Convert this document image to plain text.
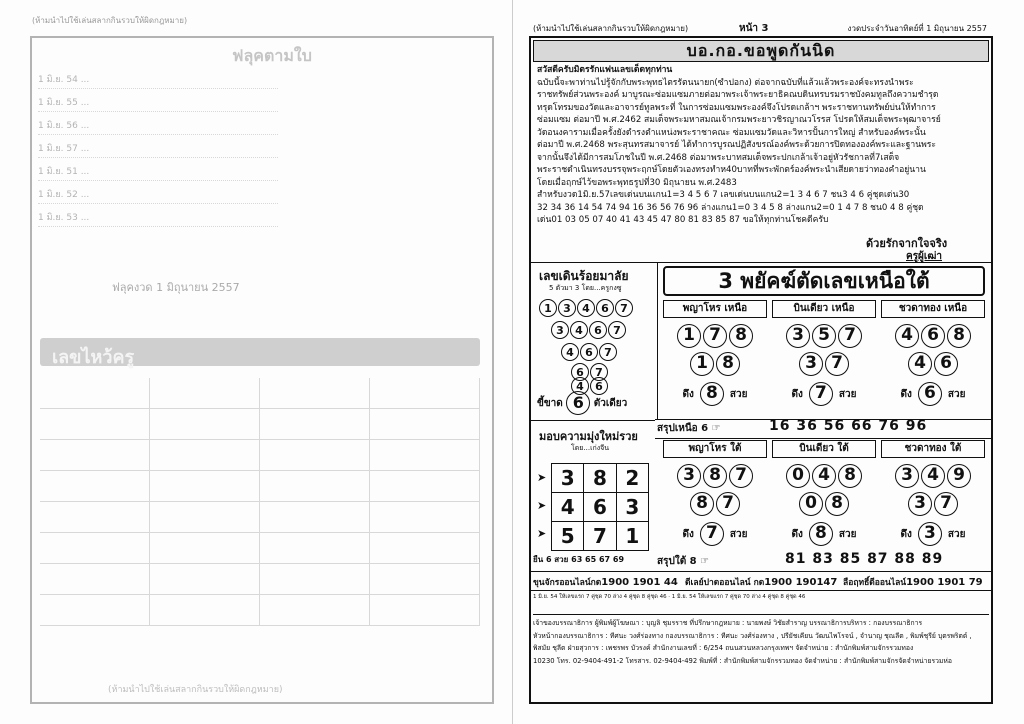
(ห้ามนำไปใช้เล่นสลากกินรวบให้ผิดกฎหมาย)
ฟลุคตามใบ
1 มิ.ย. 54 ...
1 มิ.ย. 55 ...
1 มิ.ย. 56 ...
1 มิ.ย. 57 ...
1 มิ.ย. 51 ...
1 มิ.ย. 52 ...
1 มิ.ย. 53 ...
ฟลุคงวด 1 มิถุนายน 2557
เลขไหว้ครู
(ห้ามนำไปใช้เล่นสลากกินรวบให้ผิดกฎหมาย)
(ห้ามนำไปใช้เล่นสลากกินรวบให้ผิดกฎหมาย)	หน้า 3	งวดประจำวันอาทิตย์ที่ 1 มิถุนายน 2557
บอ.กอ.ขอพูดกันนิด
สวัสดีครับมิตรรักแฟนเลขเด็ดทุกท่าน
ฉบับนี้จะพาท่านไปรู้จักกับพระพุทธไตรรัตนนายก(ซำปอกง) ต่อจากฉบับที่แล้วแล้วพระองค์จะทรงนำพระ
ราชทรัพย์ส่วนพระองค์ มาบูรณะซ่อมแซมภายต่อมาพระเจ้าพระยาธิคณบดินทรบรมราชบังคมทูลถึงความชำรุด
ทรุดโทรมของวัดและอาจารย์ทูลพระที่ ในการซ่อมแซมพระองค์จึงโปรดเกล้าฯ พระราชทานทรัพย์บ่นให้ทำการ
ซ่อมแซม ต่อมาปี พ.ศ.2462 สมเด็จพระมหาสมณเจ้ากรมพระยาวชิรญาณวโรรส โปรดให้สมเด็จพระพุฒาจารย์
วัดอนงคารามเมื่อครั้งยังดำรงตำแหน่งพระราชาคณะ ซ่อมแซมวัดและวิหารปั้นการใหญ่ สำหรับองค์พระนั้น
ต่อมาปี พ.ศ.2468 พระสุนทรสมาจารย์ ได้ทำการบูรณปฏิสังขรณ์องค์พระด้วยการปิดทององค์พระและฐานพระ
จากนั้นจึงได้มีการสมโภชในปี พ.ศ.2468 ต่อมาพระบาทสมเด็จพระปกเกล้าเจ้าอยู่หัวรัชกาลที่7เสด็จ
พระราชดำเนินทรงบรรจุพระฤกษ์โดยตัวเองทรงทำห40บาทที่พระพักตร์องค์พระนำเสียดายว่าทองคำอยู่นาน
โดยเมื่อฤกษ์ไว้ขอพระพุทธรูปที่30 มิถุนายน พ.ศ.2483
สำหรับงวด1มิ.ย.57เลขเด่นบนเเกน1=3 4 5 6 7 เลขเด่นบนแกน2=1 3 4 6 7 ชน3 4 6 คู่ชุดเด่น30
32 34 36 14 54 74 94 16 36 56 76 96 ล่างแกน1=0 3 4 5 8 ล่างแกน2=0 1 4 7 8 ชน0 4 8 คู่ชุด
เด่น01 03 05 07 40 41 43 45 47 80 81 83 85 87 ขอให้ทุกท่านโชคดีครับ
ด้วยรักจากใจจริง
ครูผู้เฒ่า
เลขเดินร้อยมาลัย
5 ตัวมา 3 โดย...ครูกงซู
1 3 4 6 7
3 4 6 7
4 6 7
6 7
4 6
ขี้ขาด 6 ตัวเดียว
3 พยัคฆ์ตัดเลขเหนือใต้
พญาโหร เหนือ
1 7 8
1 8
ดึง 8 สวย
บินเดียว เหนือ
3 5 7
3 7
ดึง 7 สวย
ชวดาทอง เหนือ
4 6 8
4 6
ดึง 6 สวย
สรุปเหนือ 6 ☞	16 36 56 66 76 96
มอบความมุ่งใหม่รวย
โดย...เก่งจีน
➤
➤
➤
3 8 2
4 6 3
5 7 1
ยืน 6 สวย 63 65 67 69
พญาโหร ใต้
3 8 7
8 7
ดึง 7 สวย
บินเดียว ใต้
0 4 8
0 8
ดึง 8 สวย
ชวดาทอง ใต้
3 4 9
3 7
ดึง 3 สวย
สรุปใต้ 8 ☞	81 83 85 87 88 89
ขุนจักรออนไลน์กด1900 1901 44 ดีเลย์ปาดออนไลน์ กด1900 190147 ลือฤทธิ์ดีออนไลน์1900 1901 79
1 มิ.ย. 54 ให้เลขแรก 7 คู่ชุด 70 ล่าง 4 คู่ชุด 8 คู่ชุด 46 · 1 มิ.ย. 54 ให้เลขแรก 7 คู่ชุด 70 ล่าง 4 คู่ชุด 8 คู่ชุด 46
เจ้าของบรรณาธิการ ผู้พิมพ์ผู้โฆษณา : บุญลิ ชุมรราช ที่ปรึกษากฎหมาย : นายพงษ์ วิชัยสำราญ บรรณาธิการบริหาร : กองบรรณาธิการ
หัวหน้ากองบรรณาธิการ : ทีศนะ วงศ์ร่องทาง กองบรรณาธิการ : ทีศนะ วงศ์ร่องทาง , ปรียัชเคียน วัฒนไพโรจน์ , จำนาญ ชุณลีต , พิมพ์ชุรีย์ บุตรพริตต์ ,
พิสมัย ชุลีต ฝ่ายสุวการ : เพชรพร บัวรงค์ สำนักงานเลขที่ : 6/254 ถนนสวนหลวงกรุงเทพฯ จัดจำหน่าย : สำนักพิมพ์สามจักรรวมทอง
10230 โทร. 02-9404-491-2 โทรสาร. 02-9404-492 พิมพ์ที่ : สำนักพิมพ์สามจักรรวมทอง จัดจำหน่าย : สำนักพิมพ์สามจักรจัดจำหน่ายรวมห่อ
